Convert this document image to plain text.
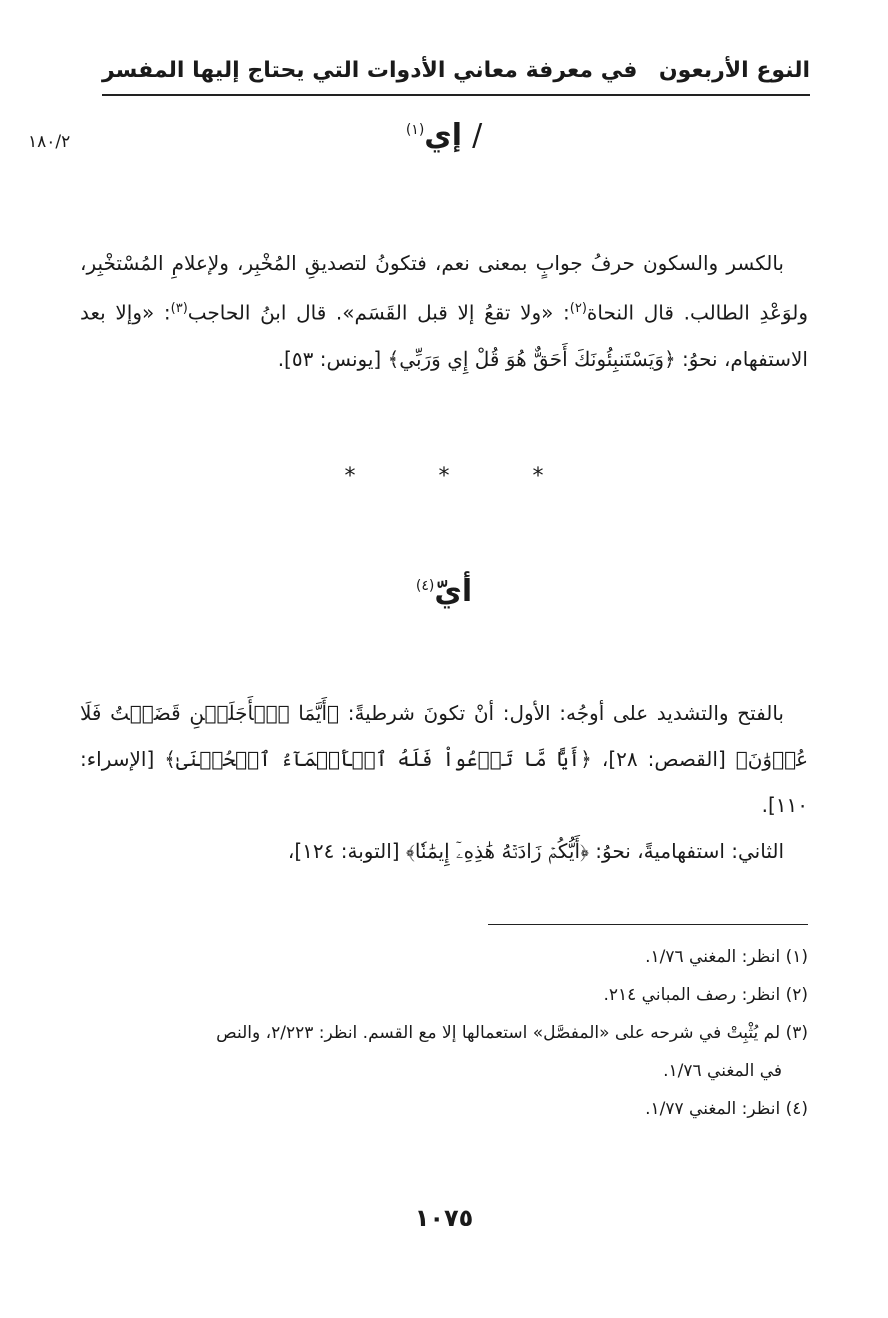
النوع الأربعون
في معرفة معاني الأدوات التي يحتاج إليها المفسر
١٨٠/٢	/إي$^{(١)}$

بالكسر والسكون حرفُ جوابٍ بمعنى نعم، فتكونُ لتصديقِ المُخْبِر، ولإعلامِ المُسْتخْبِر، ولوَعْدِ الطالب. قال النحاة$^{(٢)}$: «ولا تقعُ إلا قبل القَسَم». قال ابنُ الحاجب$^{(٣)}$: «وإلا بعد الاستفهام، نحوُ: ﴿وَيَسْتَنبِئُونَكَ أَحَقٌّ هُوَ قُلْ إِي وَرَبِّي﴾ [يونس: ٥٣].

* * *
أيّ$^{(٤)}$

بالفتح والتشديد على أوجُه: الأول: أنْ تكونَ شرطيةً: ﴿أَيَّمَا ٱلۡأَجَلَيۡنِ قَضَيۡتُ فَلَا عُدۡوَٰنَ﴾ [القصص: ٢٨]، ﴿أَيًّا مَّا تَدۡعُواْ فَلَهُ ٱلۡأَسۡمَآءُ ٱلۡحُسۡنَىٰ﴾ [الإسراء: ١١٠].

الثاني: استفهاميةً، نحوُ: ﴿أَيُّكُمۡ زَادَتۡهُ هَٰذِهِۦٓ إِيمَٰنٗا﴾ [التوبة: ١٢٤]،

(١) انظر: المغني ١/٧٦.

(٢) انظر: رصف المباني ٢١٤.

(٣) لم يُثْبِتْ في شرحه على «المفصَّل» استعمالها إلا مع القسم. انظر: ٢/٢٢٣، والنص
في المغني ١/٧٦.

(٤) انظر: المغني ١/٧٧.

١٠٧٥
